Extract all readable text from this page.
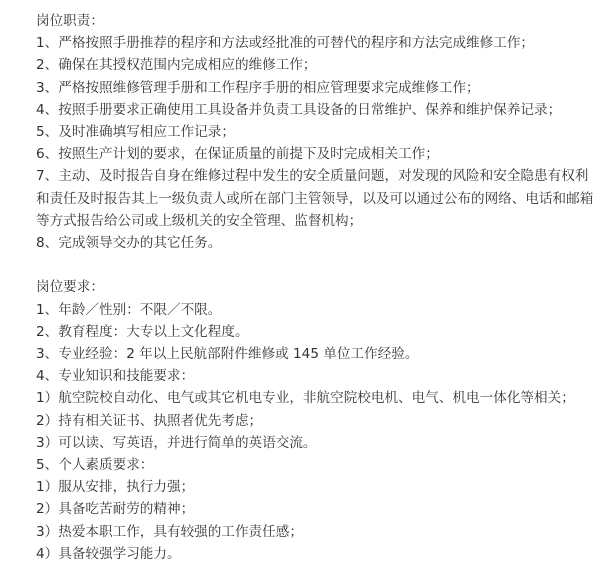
岗位职责：
1、严格按照手册推荐的程序和方法或经批准的可替代的程序和方法完成维修工作；
2、确保在其授权范围内完成相应的维修工作；
3、严格按照维修管理手册和工作程序手册的相应管理要求完成维修工作；
4、按照手册要求正确使用工具设备并负责工具设备的日常维护、保养和维护保养记录；
5、及时准确填写相应工作记录；
6、按照生产计划的要求，在保证质量的前提下及时完成相关工作；
7、主动、及时报告自身在维修过程中发生的安全质量问题，对发现的风险和安全隐患有权利和责任及时报告其上一级负责人或所在部门主管领导，以及可以通过公布的网络、电话和邮箱等方式报告给公司或上级机关的安全管理、监督机构；
8、完成领导交办的其它任务。
岗位要求：
1、年龄／性别：不限／不限。
2、教育程度：大专以上文化程度。
3、专业经验：2 年以上民航部附件维修或 145 单位工作经验。
4、专业知识和技能要求：
1）航空院校自动化、电气或其它机电专业，非航空院校电机、电气、机电一体化等相关；
2）持有相关证书、执照者优先考虑；
3）可以读、写英语，并进行简单的英语交流。
5、个人素质要求：
1）服从安排，执行力强；
2）具备吃苦耐劳的精神；
3）热爱本职工作，具有较强的工作责任感；
4）具备较强学习能力。
